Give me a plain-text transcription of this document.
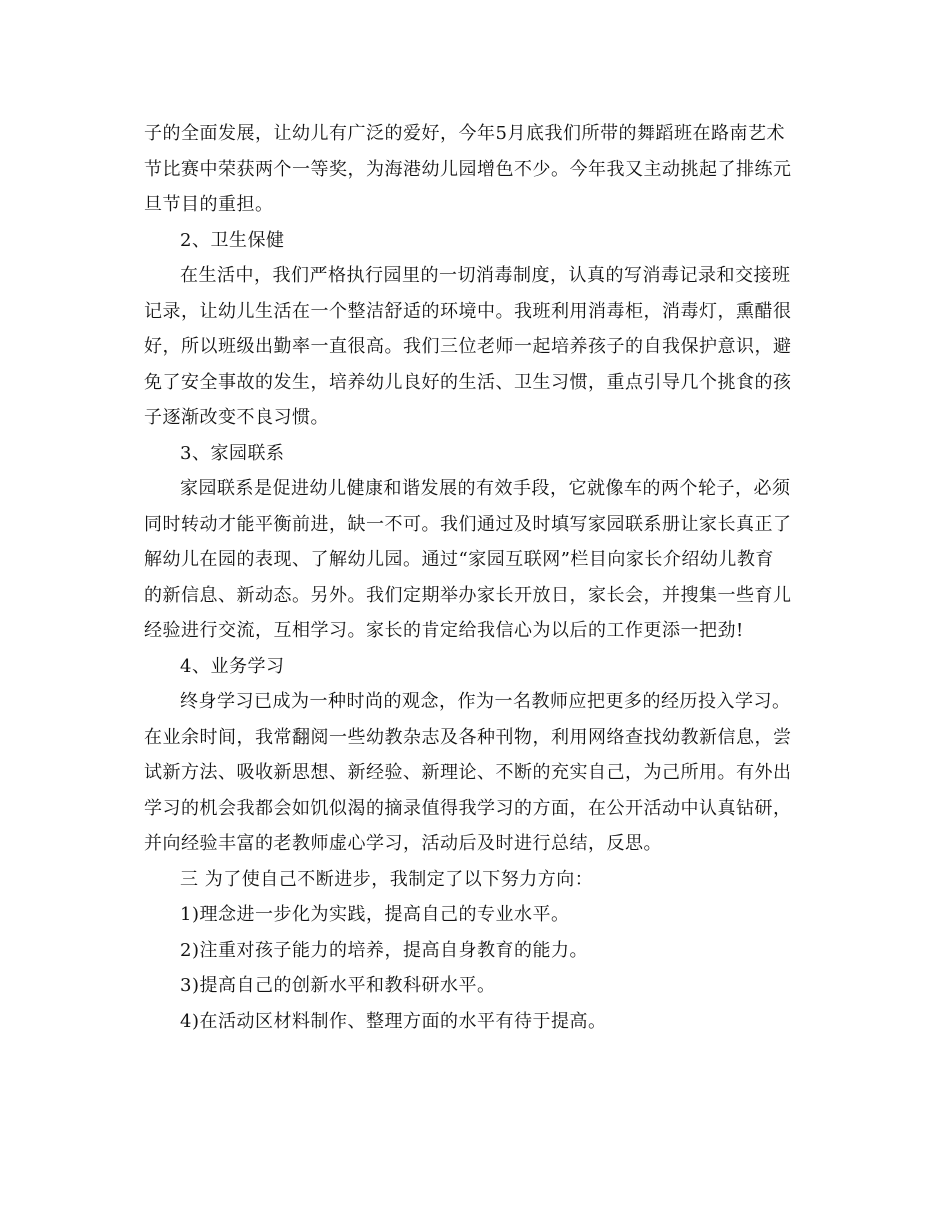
子的全面发展，让幼儿有广泛的爱好，今年5月底我们所带的舞蹈班在路南艺术
节比赛中荣获两个一等奖，为海港幼儿园增色不少。今年我又主动挑起了排练元
旦节目的重担。
2、卫生保健
在生活中，我们严格执行园里的一切消毒制度，认真的写消毒记录和交接班
记录，让幼儿生活在一个整洁舒适的环境中。我班利用消毒柜，消毒灯，熏醋很
好，所以班级出勤率一直很高。我们三位老师一起培养孩子的自我保护意识，避
免了安全事故的发生，培养幼儿良好的生活、卫生习惯，重点引导几个挑食的孩
子逐渐改变不良习惯。
3、家园联系
家园联系是促进幼儿健康和谐发展的有效手段，它就像车的两个轮子，必须
同时转动才能平衡前进，缺一不可。我们通过及时填写家园联系册让家长真正了
解幼儿在园的表现、了解幼儿园。通过“家园互联网”栏目向家长介绍幼儿教育
的新信息、新动态。另外。我们定期举办家长开放日，家长会，并搜集一些育儿
经验进行交流，互相学习。家长的肯定给我信心为以后的工作更添一把劲!
4、业务学习
终身学习已成为一种时尚的观念，作为一名教师应把更多的经历投入学习。
在业余时间，我常翻阅一些幼教杂志及各种刊物，利用网络查找幼教新信息，尝
试新方法、吸收新思想、新经验、新理论、不断的充实自己，为己所用。有外出
学习的机会我都会如饥似渴的摘录值得我学习的方面，在公开活动中认真钻研，
并向经验丰富的老教师虚心学习，活动后及时进行总结，反思。
三 为了使自己不断进步，我制定了以下努力方向：
1)理念进一步化为实践，提高自己的专业水平。
2)注重对孩子能力的培养，提高自身教育的能力。
3)提高自己的创新水平和教科研水平。
4)在活动区材料制作、整理方面的水平有待于提高。
